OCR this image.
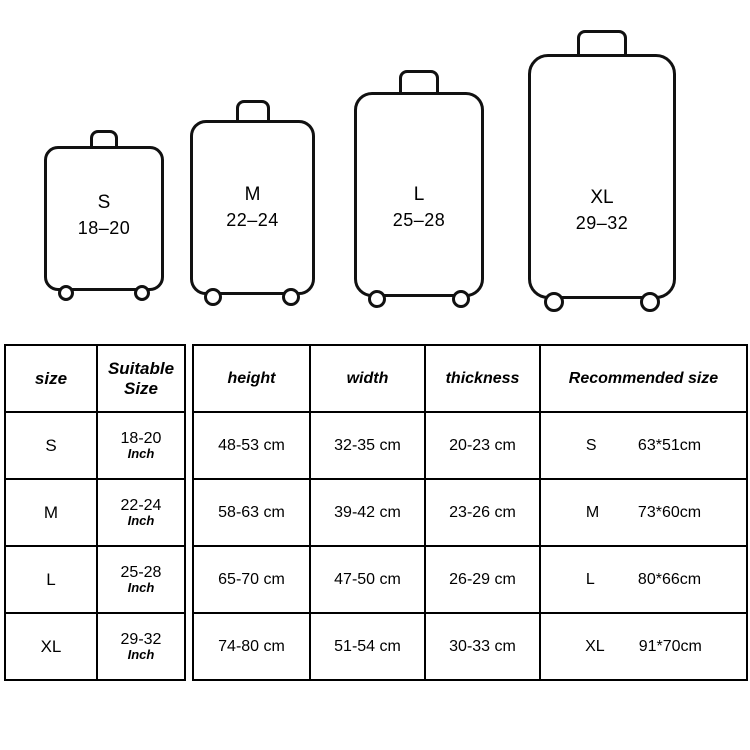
S
18–20
M
22–24
L
25–28
XL
29–32
size	Suitable
Size

S	18-20
Inch

M	22-24
Inch

L	25-28
Inch

XL	29-32
Inch
height	width	thickness	Recommended size
48-53 cm	32-35 cm	20-23 cm	S 63*51cm

58-63 cm	39-42 cm	23-26 cm	M 73*60cm

65-70 cm	47-50 cm	26-29 cm	L 80*66cm

74-80 cm	51-54 cm	30-33 cm	XL 91*70cm
